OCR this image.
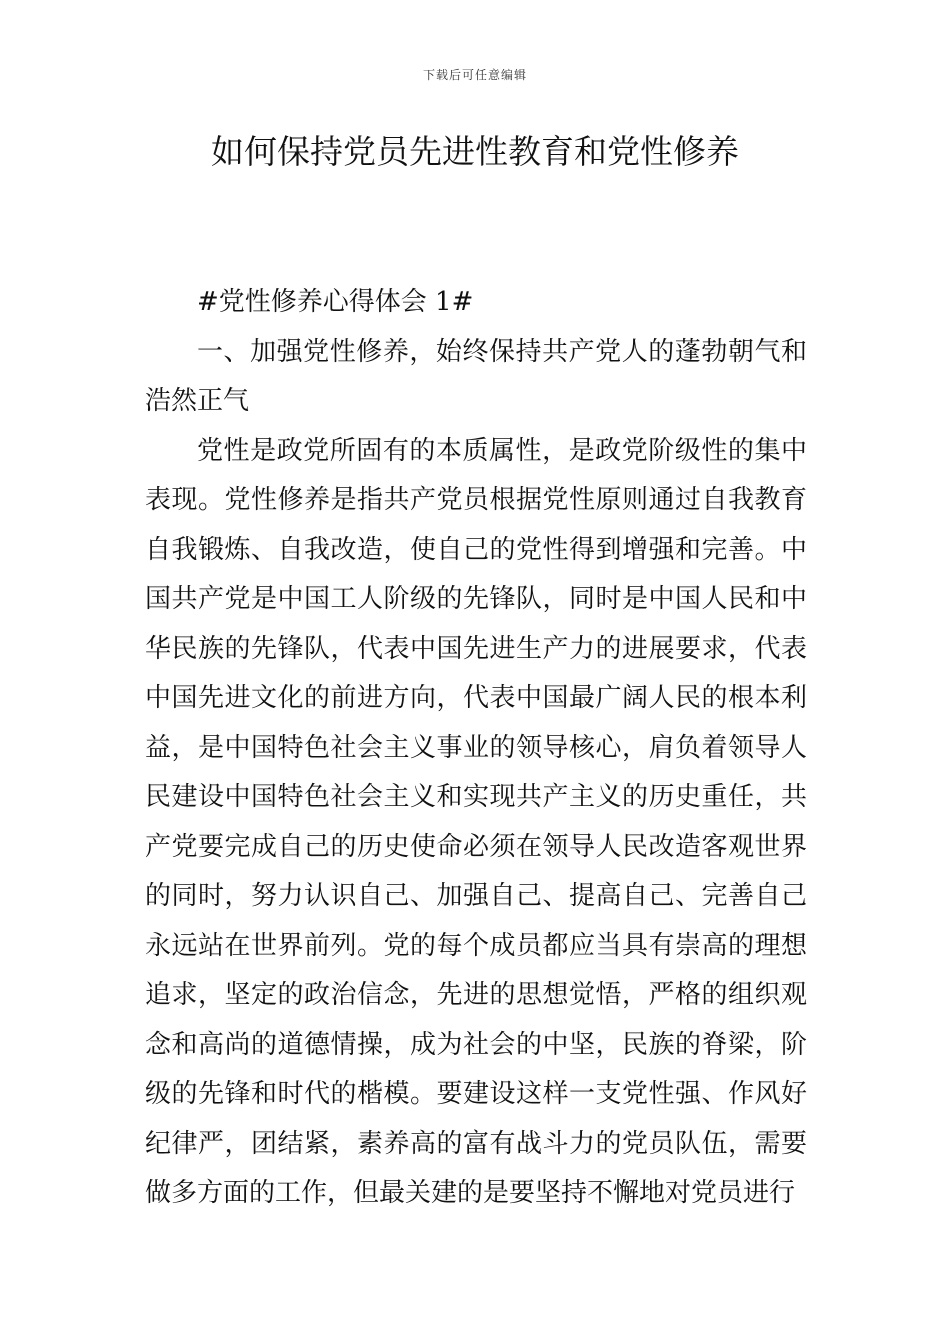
下载后可任意编辑
如何保持党员先进性教育和党性修养

#党性修养心得体会 1#

一、加强党性修养，始终保持共产党人的蓬勃朝气和浩然正气

党性是政党所固有的本质属性，是政党阶级性的集中表现。党性修养是指共产党员根据党性原则通过自我教育自我锻炼、自我改造，使自己的党性得到增强和完善。中国共产党是中国工人阶级的先锋队，同时是中国人民和中华民族的先锋队，代表中国先进生产力的进展要求，代表中国先进文化的前进方向，代表中国最广阔人民的根本利益，是中国特色社会主义事业的领导核心，肩负着领导人民建设中国特色社会主义和实现共产主义的历史重任，共产党要完成自己的历史使命必须在领导人民改造客观世界的同时，努力认识自己、加强自己、提高自己、完善自己永远站在世界前列。党的每个成员都应当具有崇高的理想追求，坚定的政治信念，先进的思想觉悟，严格的组织观念和高尚的道德情操，成为社会的中坚，民族的脊梁，阶级的先锋和时代的楷模。要建设这样一支党性强、作风好纪律严，团结紧，素养高的富有战斗力的党员队伍，需要做多方面的工作，但最关建的是要坚持不懈地对党员进行
